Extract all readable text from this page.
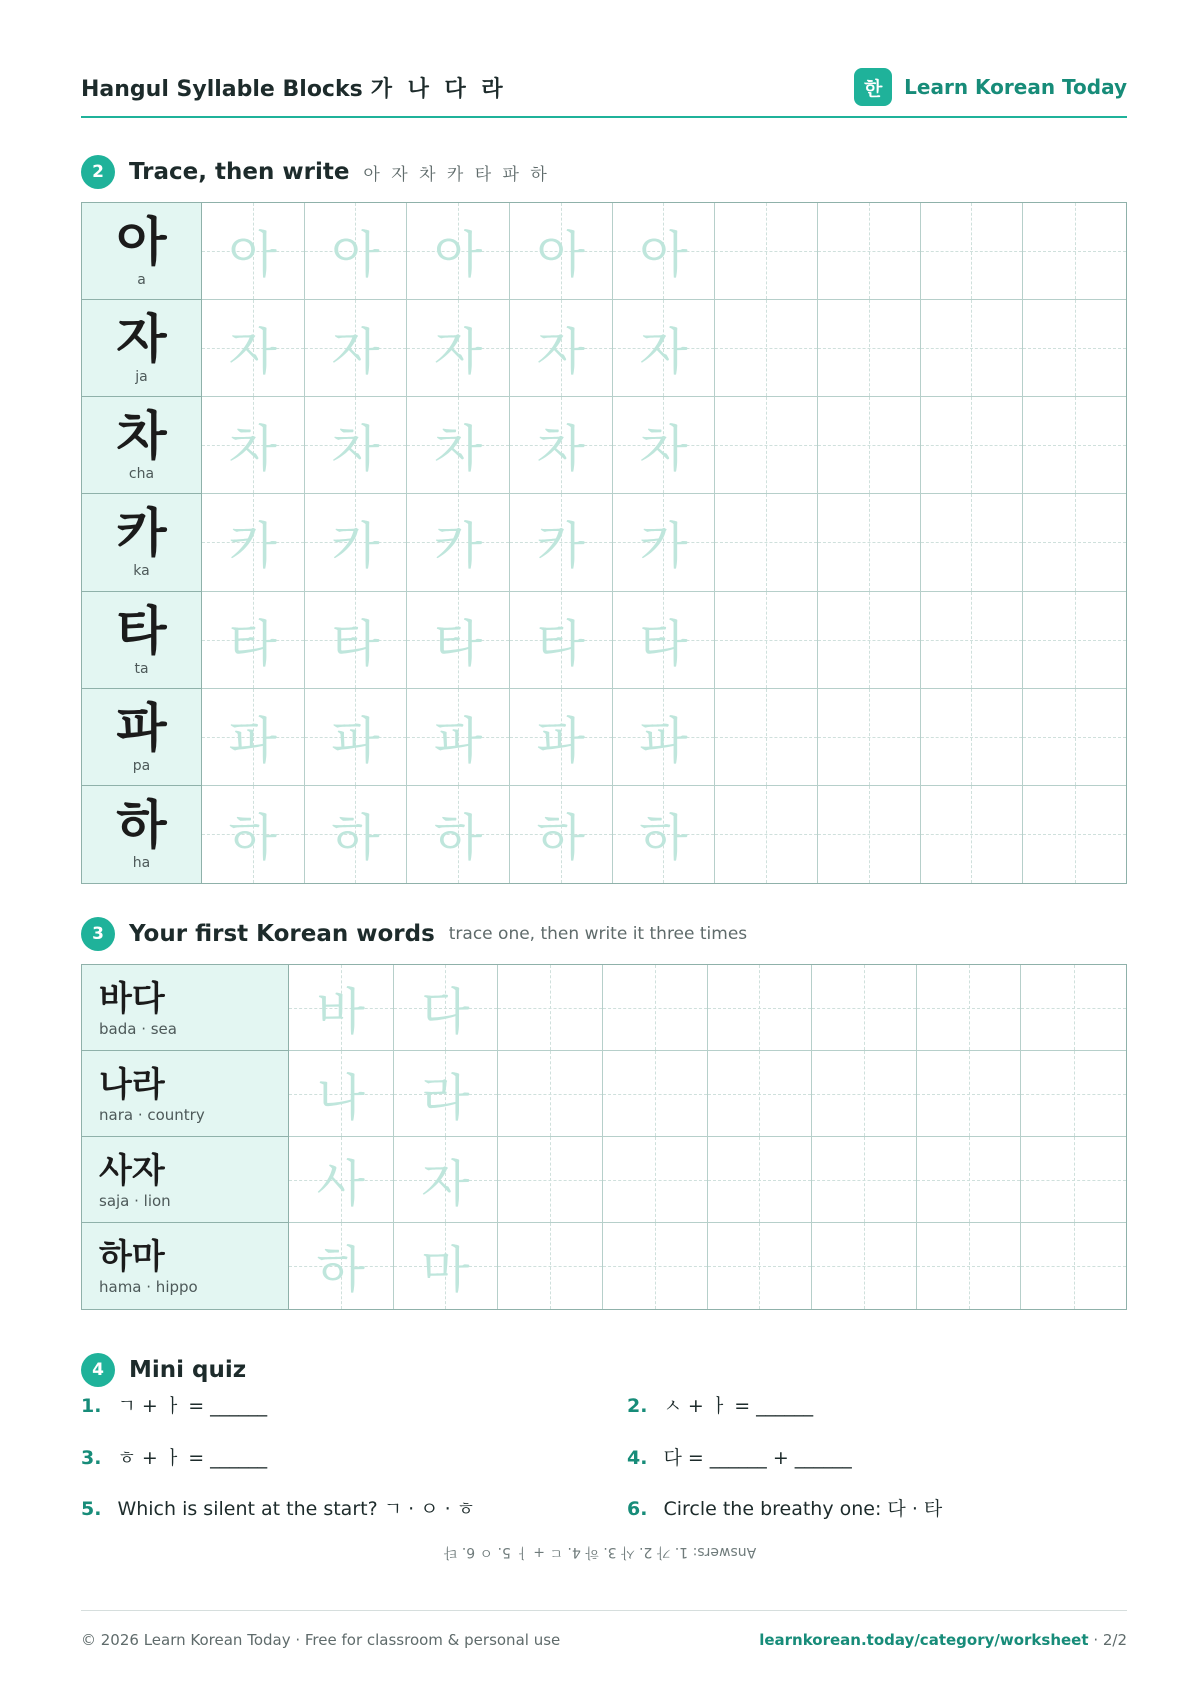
Hangul Syllable Blocks 가 나 다 라	한	Learn Korean Today
2	Trace, then write 아 자 차 카 타 파 하
아
a 아 아 아 아 아
자
ja 자 자 자 자 자
차
cha 차 차 차 차 차
카
ka 카 카 카 카 카
타
ta 타 타 타 타 타
파
pa 파 파 파 파 파
하
ha 하 하 하 하 하
3	Your first Korean words trace one, then write it three times
바다
bada · sea	바 다
나라
nara · country	나 라
사자
saja · lion	사 자
하마
hama · hippo	하 마
4	Mini quiz
1. ㄱ + ㅏ = ______	2. ㅅ + ㅏ = ______
3. ㅎ + ㅏ = ______	4. 다 = ______ + ______
5. Which is silent at the start? ㄱ · ㅇ · ㅎ	6. Circle the breathy one: 다 · 타
Answers: 1. 가 2. 사 3. 하 4. ㄷ + ㅏ 5. ㅇ 6. 타
© 2026 Learn Korean Today · Free for classroom & personal use	learnkorean.today/category/worksheet · 2/2
